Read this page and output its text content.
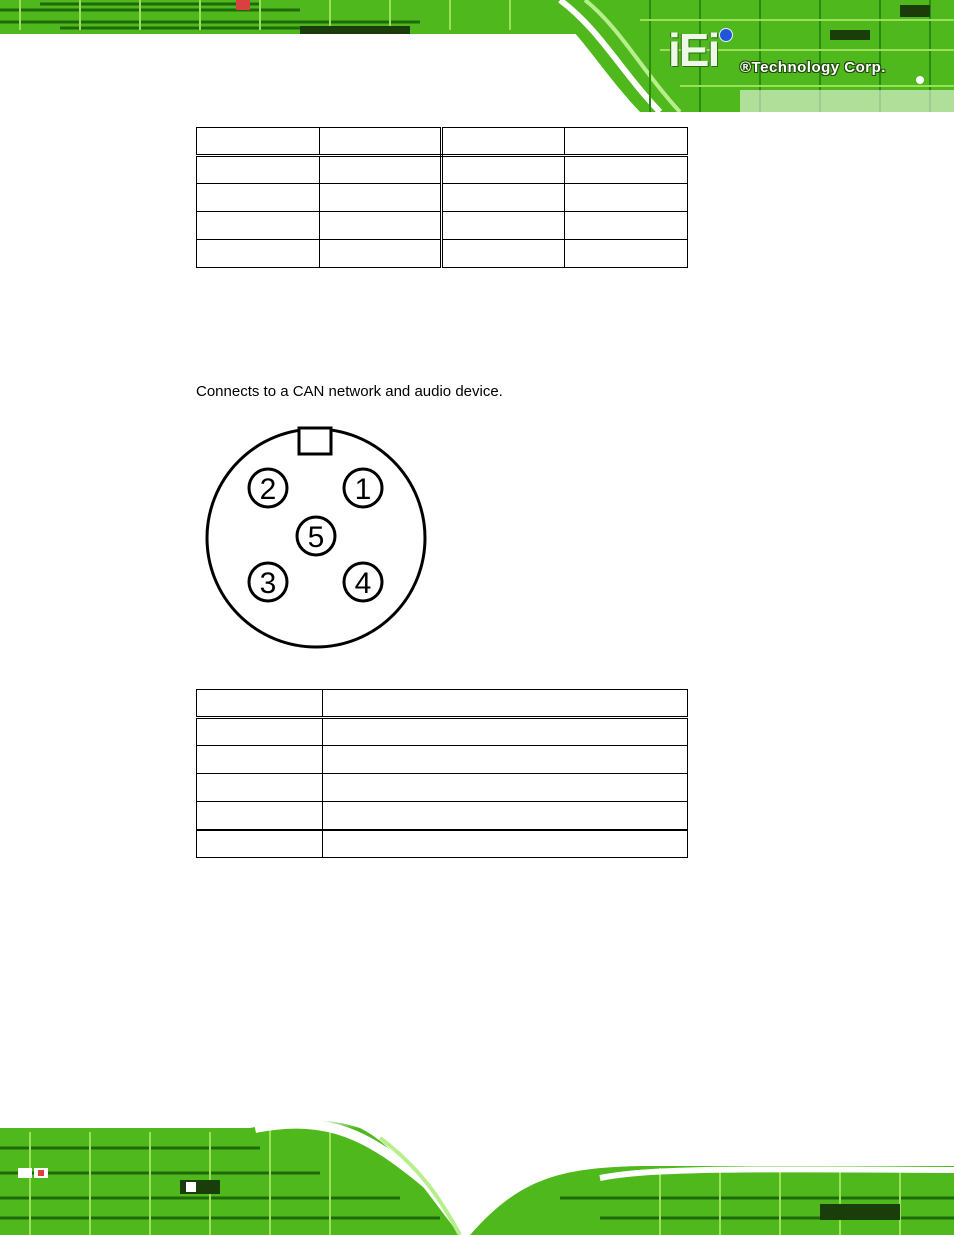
iEi	®Technology Corp.

Connects to a CAN network and audio device.
1
2
3	4
5
